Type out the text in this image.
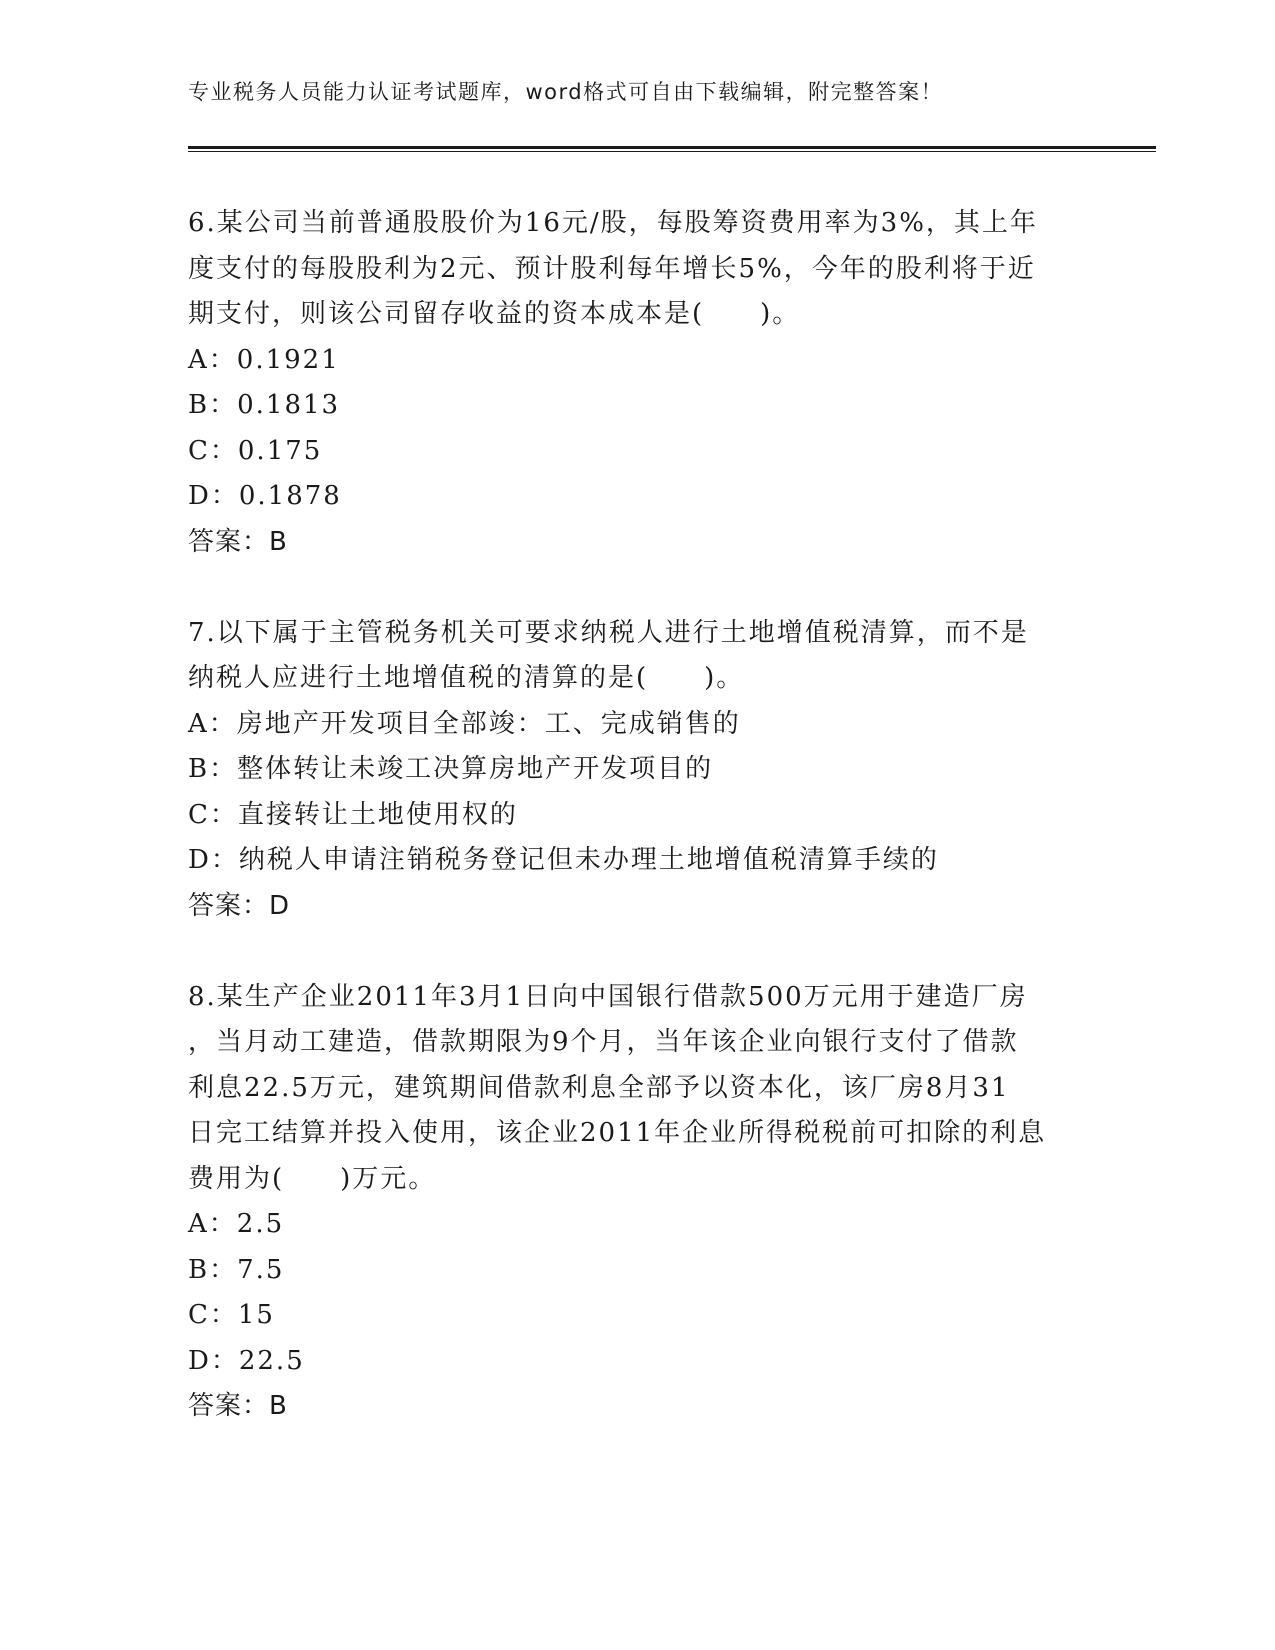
专业税务人员能力认证考试题库，word格式可自由下载编辑，附完整答案！

6.某公司当前普通股股价为16元/股，每股筹资费用率为3%，其上年

度支付的每股股利为2元、预计股利每年增长5%，今年的股利将于近

期支付，则该公司留存收益的资本成本是(　　)。

A：0.1921

B：0.1813

C：0.175

D：0.1878

答案：B

7.以下属于主管税务机关可要求纳税人进行土地增值税清算，而不是

纳税人应进行土地增值税的清算的是(　　)。

A：房地产开发项目全部竣：工、完成销售的

B：整体转让未竣工决算房地产开发项目的

C：直接转让土地使用权的

D：纳税人申请注销税务登记但未办理土地增值税清算手续的

答案：D

8.某生产企业2011年3月1日向中国银行借款500万元用于建造厂房

，当月动工建造，借款期限为9个月，当年该企业向银行支付了借款

利息22.5万元，建筑期间借款利息全部予以资本化，该厂房8月31

日完工结算并投入使用，该企业2011年企业所得税税前可扣除的利息

费用为(　　)万元。

A：2.5

B：7.5

C：15

D：22.5

答案：B
